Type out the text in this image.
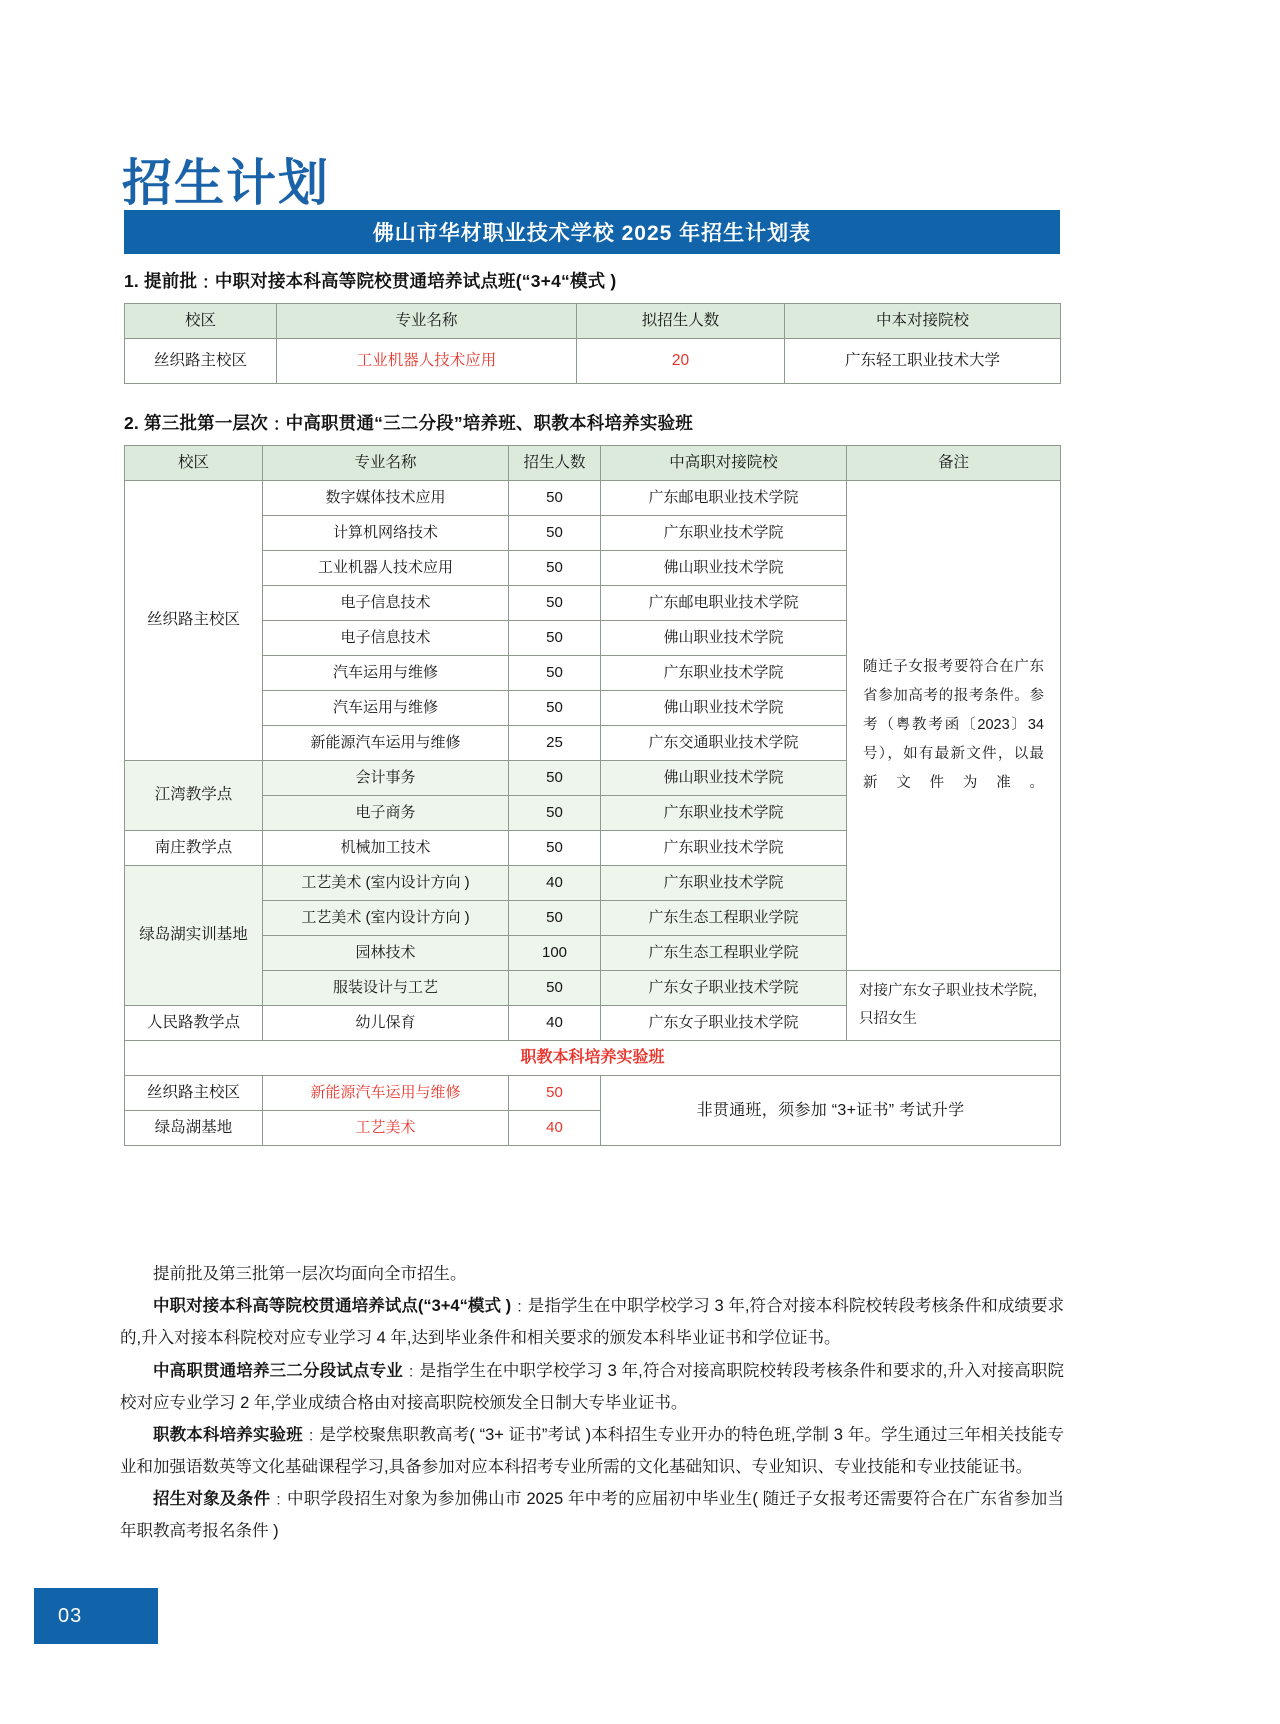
招生计划
佛山市华材职业技术学校 2025 年招生计划表
1. 提前批﹕中职对接本科高等院校贯通培养试点班(“3+4“模式 )
校区	专业名称	拟招生人数	中本对接院校
丝织路主校区	工业机器人技术应用	20	广东轻工职业技术大学
2. 第三批第一层次﹕中高职贯通“三二分段”培养班、职教本科培养实验班
校区	专业名称	招生人数	中高职对接院校	备注
丝织路主校区	数字媒体技术应用	50	广东邮电职业技术学院	随迁子女报考要符合在广东省参加高考的报考条件。参考（粤教考函〔2023〕34 号），如有最新文件，以最新文件为准。
	计算机网络技术	50	广东职业技术学院	
	工业机器人技术应用	50	佛山职业技术学院	
	电子信息技术	50	广东邮电职业技术学院	
	电子信息技术	50	佛山职业技术学院	
	汽车运用与维修	50	广东职业技术学院	
	汽车运用与维修	50	佛山职业技术学院	
	新能源汽车运用与维修	25	广东交通职业技术学院	
江湾教学点	会计事务	50	佛山职业技术学院	
	电子商务	50	广东职业技术学院	
南庄教学点	机械加工技术	50	广东职业技术学院	
绿岛湖实训基地	工艺美术 (室内设计方向 )	40	广东职业技术学院	
	工艺美术 (室内设计方向 )	50	广东生态工程职业学院	
	园林技术	100	广东生态工程职业学院	
	服装设计与工艺	50	广东女子职业技术学院	对接广东女子职业技术学院,只招女生
人民路教学点	幼儿保育	40	广东女子职业技术学院	
职教本科培养实验班				
丝织路主校区	新能源汽车运用与维修	50	非贯通班，须参加 “3+证书” 考试升学	
绿岛湖基地	工艺美术	40		

提前批及第三批第一层次均面向全市招生。

中职对接本科高等院校贯通培养试点(“3+4“模式 )﹕是指学生在中职学校学习 3 年,符合对接本科院校转段考核条件和成绩要求的,升入对接本科院校对应专业学习 4 年,达到毕业条件和相关要求的颁发本科毕业证书和学位证书。

中高职贯通培养三二分段试点专业﹕是指学生在中职学校学习 3 年,符合对接高职院校转段考核条件和要求的,升入对接高职院校对应专业学习 2 年,学业成绩合格由对接高职院校颁发全日制大专毕业证书。

职教本科培养实验班﹕是学校聚焦职教高考( “3+ 证书”考试 )本科招生专业开办的特色班,学制 3 年。学生通过三年相关技能专业和加强语数英等文化基础课程学习,具备参加对应本科招考专业所需的文化基础知识、专业知识、专业技能和专业技能证书。

招生对象及条件﹕中职学段招生对象为参加佛山市 2025 年中考的应届初中毕业生( 随迁子女报考还需要符合在广东省参加当年职教高考报名条件 )

03
